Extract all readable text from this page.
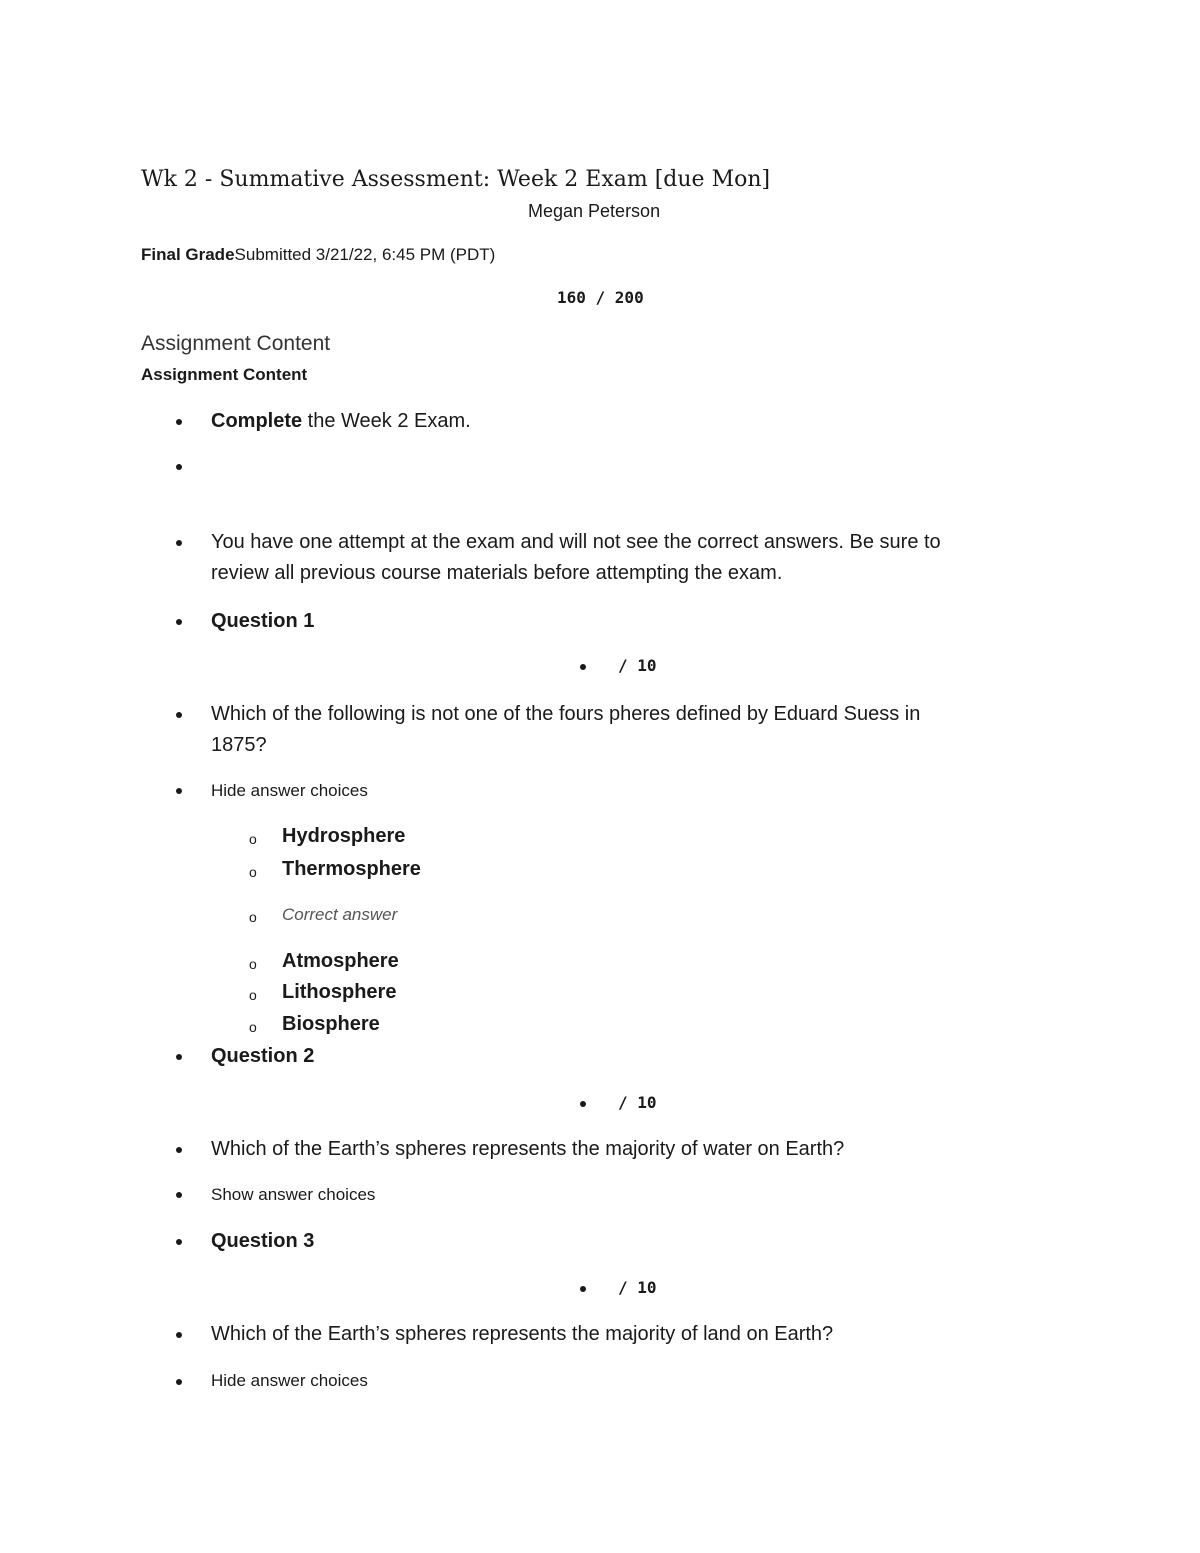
Wk 2 - Summative Assessment: Week 2 Exam [due Mon]
Megan Peterson
Final GradeSubmitted 3/21/22, 6:45 PM (PDT)
160 / 200
Assignment Content
Assignment Content
Complete the Week 2 Exam.
You have one attempt at the exam and will not see the correct answers. Be sure to
review all previous course materials before attempting the exam.
Question 1
/ 10
Which of the following is not one of the fours pheres defined by Eduard Suess in
1875?
Hide answer choices
o Hydrosphere
o Thermosphere
o Correct answer
o Atmosphere
o Lithosphere
o Biosphere
Question 2
/ 10
Which of the Earth’s spheres represents the majority of water on Earth?
Show answer choices
Question 3
/ 10
Which of the Earth’s spheres represents the majority of land on Earth?
Hide answer choices
